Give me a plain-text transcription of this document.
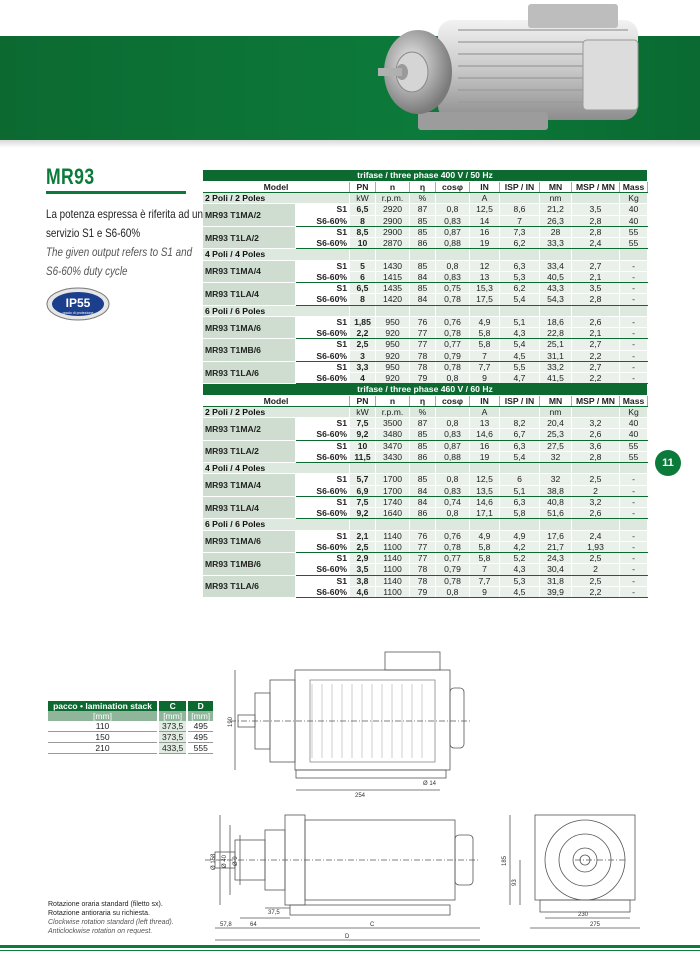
MR93

La potenza espressa è riferita ad un

servizio S1 e S6-60%

The given output refers to S1 and

S6-60% duty cycle

IP55
grado di protezione
trifase / three phase 400 V / 50 Hz										
Model		PN	n	η	cosφ	IN	ISP / IN	MN	MSP / MN	Mass
2 Poli / 2 Poles		kW	r.p.m.	%		A		nm		Kg
MR93 T1MA/2	S1	6,5	2920	87	0,8	12,5	8,6	21,2	3,5	40
	S6-60%	8	2900	85	0,83	14	7	26,3	2,8	40
MR93 T1LA/2	S1	8,5	2900	85	0,87	16	7,3	28	2,8	55
	S6-60%	10	2870	86	0,88	19	6,2	33,3	2,4	55
4 Poli / 4 Poles										
MR93 T1MA/4	S1	5	1430	85	0,8	12	6,3	33,4	2,7	-
	S6-60%	6	1415	84	0,83	13	5,3	40,5	2,1	-
MR93 T1LA/4	S1	6,5	1435	85	0,75	15,3	6,2	43,3	3,5	-
	S6-60%	8	1420	84	0,78	17,5	5,4	54,3	2,8	-
6 Poli / 6 Poles										
MR93 T1MA/6	S1	1,85	950	76	0,76	4,9	5,1	18,6	2,6	-
	S6-60%	2,2	920	77	0,78	5,8	4,3	22,8	2,1	-
MR93 T1MB/6	S1	2,5	950	77	0,77	5,8	5,4	25,1	2,7	-
	S6-60%	3	920	78	0,79	7	4,5	31,1	2,2	-
MR93 T1LA/6	S1	3,3	950	78	0,78	7,7	5,5	33,2	2,7	-
	S6-60%	4	920	79	0,8	9	4,7	41,5	2,2	-
trifase / three phase 460 V / 60 Hz										
Model		PN	n	η	cosφ	IN	ISP / IN	MN	MSP / MN	Mass
2 Poli / 2 Poles		kW	r.p.m.	%		A		nm		Kg
MR93 T1MA/2	S1	7,5	3500	87	0,8	13	8,2	20,4	3,2	40
	S6-60%	9,2	3480	85	0,83	14,6	6,7	25,3	2,6	40
MR93 T1LA/2	S1	10	3470	85	0,87	16	6,3	27,5	3,6	55
	S6-60%	11,5	3430	86	0,88	19	5,4	32	2,8	55
4 Poli / 4 Poles										
MR93 T1MA/4	S1	5,7	1700	85	0,8	12,5	6	32	2,5	-
	S6-60%	6,9	1700	84	0,83	13,5	5,1	38,8	2	-
MR93 T1LA/4	S1	7,5	1740	84	0,74	14,6	6,3	40,8	3,2	-
	S6-60%	9,2	1640	86	0,8	17,1	5,8	51,6	2,6	-
6 Poli / 6 Poles										
MR93 T1MA/6	S1	2,1	1140	76	0,76	4,9	4,9	17,6	2,4	-
	S6-60%	2,5	1100	77	0,78	5,8	4,2	21,7	1,93	-
MR93 T1MB/6	S1	2,9	1140	77	0,77	5,8	5,2	24,3	2,5	-
	S6-60%	3,5	1100	78	0,79	7	4,3	30,4	2	-
MR93 T1LA/6	S1	3,8	1140	78	0,78	7,7	5,3	31,8	2,5	-
	S6-60%	4,6	1100	79	0,8	9	4,5	39,9	2,2	-
11
pacco • lamination stack	C	D
[mm]	[mm]	[mm]
110	373,5	495
150	373,5	495
210	433,5	555
190
254
Ø 14
Ø 158 Ø 40 Ø 9
37,5
57,8	64	C
D
185
93
230
275

Rotazione oraria standard (filetto sx).

Rotazione antioraria su richiesta.

Clockwise rotation standard (left thread).

Anticlockwise rotation on request.
